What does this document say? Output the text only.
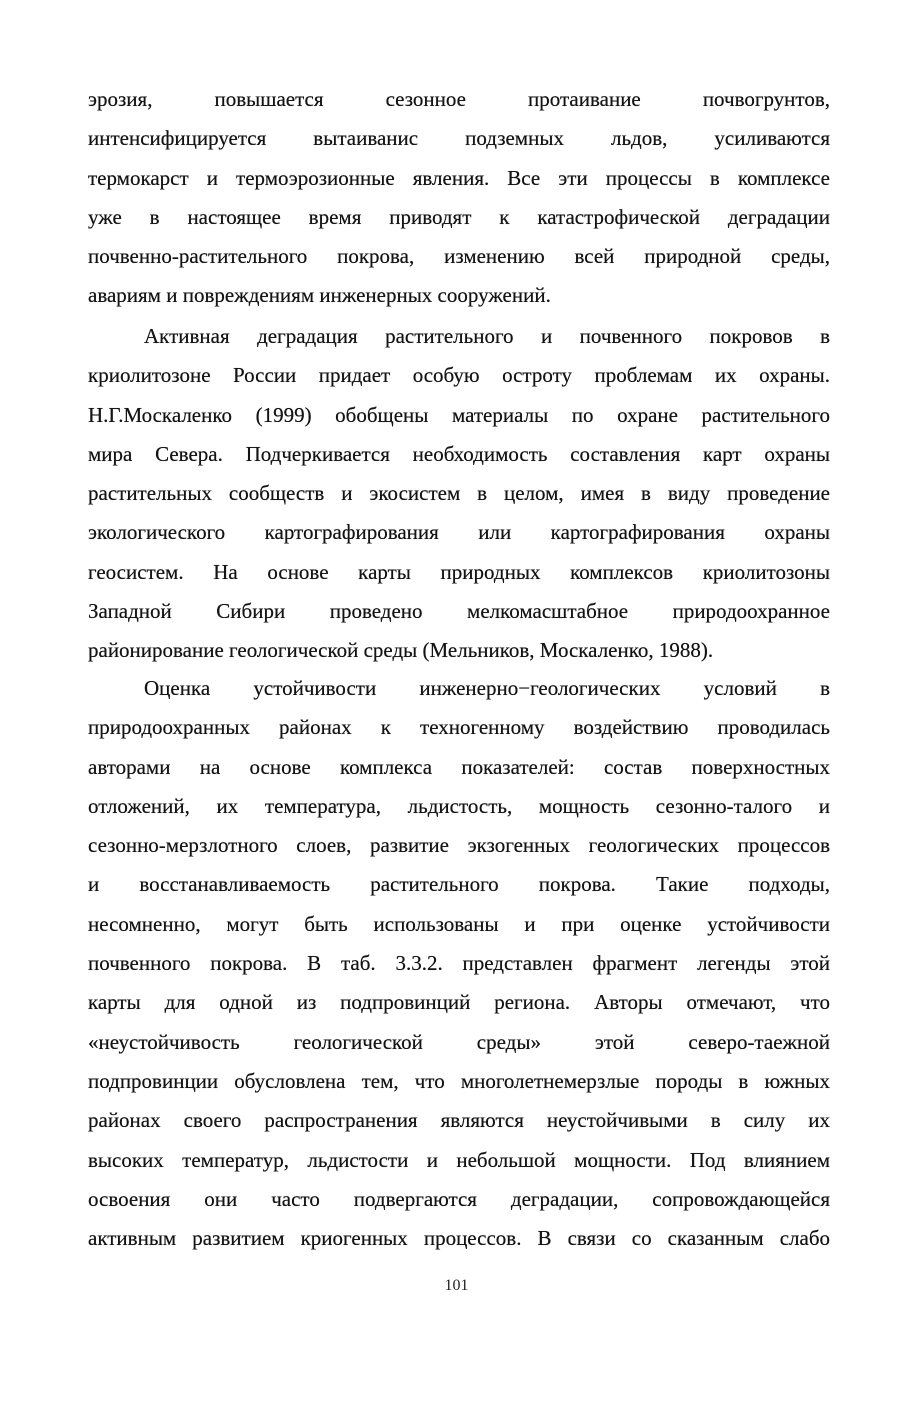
эрозия, повышается сезонное протаивание почвогрунтов,
интенсифицируется вытаиванис подземных льдов, усиливаются
термокарст и термоэрозионные явления. Все эти процессы в комплексе
уже в настоящее время приводят к катастрофической деградации
почвенно-растительного покрова, изменению всей природной среды,
авариям и повреждениям инженерных сооружений.
Активная деградация растительного и почвенного покровов в
криолитозоне России придает особую остроту проблемам их охраны.
Н.Г.Москаленко (1999) обобщены материалы по охране растительного
мира Севера. Подчеркивается необходимость составления карт охраны
растительных сообществ и экосистем в целом, имея в виду проведение
экологического картографирования или картографирования охраны
геосистем. На основе карты природных комплексов криолитозоны
Западной Сибири проведено мелкомасштабное природоохранное
районирование геологической среды (Мельников, Москаленко, 1988).
Оценка устойчивости инженерно−геологических условий в
природоохранных районах к техногенному воздействию проводилась
авторами на основе комплекса показателей: состав поверхностных
отложений, их температура, льдистость, мощность сезонно-талого и
сезонно-мерзлотного слоев, развитие экзогенных геологических процессов
и восстанавливаемость растительного покрова. Такие подходы,
несомненно, могут быть использованы и при оценке устойчивости
почвенного покрова. В таб. 3.3.2. представлен фрагмент легенды этой
карты для одной из подпровинций региона. Авторы отмечают, что
«неустойчивость геологической среды» этой северо-таежной
подпровинции обусловлена тем, что многолетнемерзлые породы в южных
районах своего распространения являются неустойчивыми в силу их
высоких температур, льдистости и небольшой мощности. Под влиянием
освоения они часто подвергаются деградации, сопровождающейся
активным развитием криогенных процессов. В связи со сказанным слабо
101
